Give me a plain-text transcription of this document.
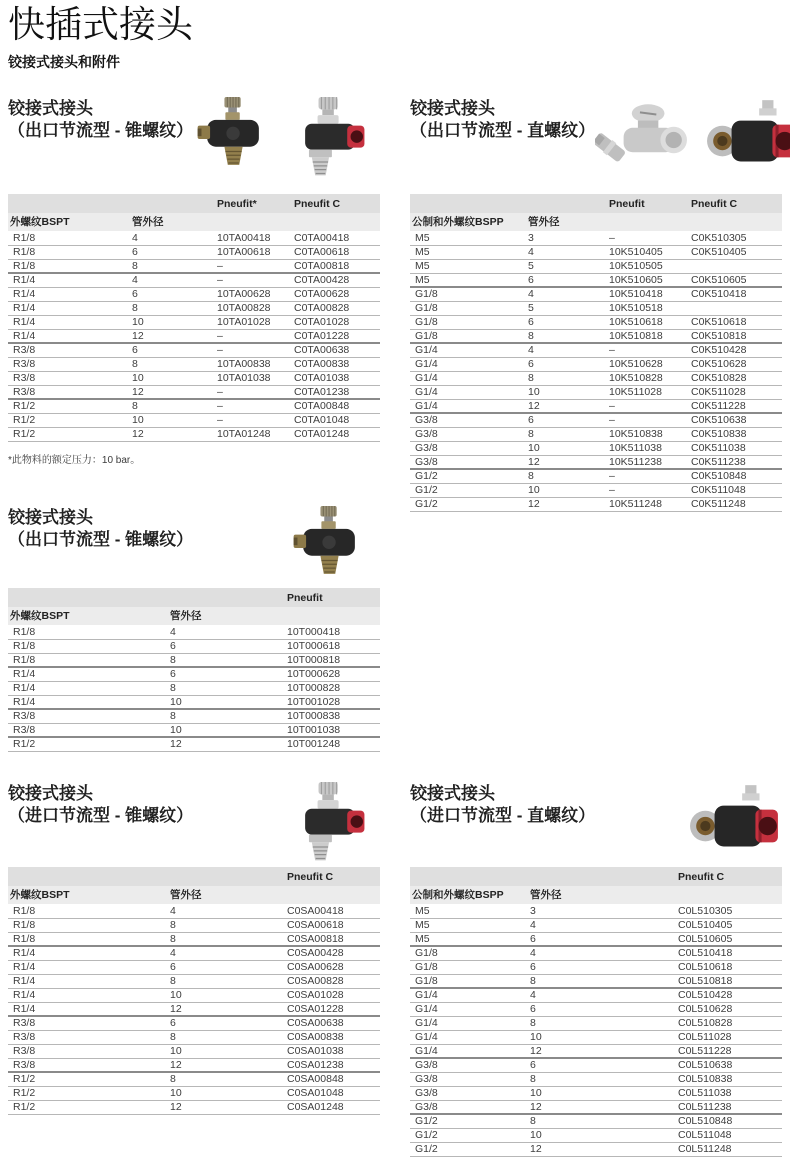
快插式接头
铰接式接头和附件
铰接式接头
（出口节流型 - 锥螺纹）
		Pneufit*	Pneufit C
外螺纹BSPT	管外径		
R1/8	4	10TA00418	C0TA00418
R1/8	6	10TA00618	C0TA00618
R1/8	8	–	C0TA00818
R1/4	4	–	C0TA00428
R1/4	6	10TA00628	C0TA00628
R1/4	8	10TA00828	C0TA00828
R1/4	10	10TA01028	C0TA01028
R1/4	12	–	C0TA01228
R3/8	6	–	C0TA00638
R3/8	8	10TA00838	C0TA00838
R3/8	10	10TA01038	C0TA01038
R3/8	12	–	C0TA01238
R1/2	8	–	C0TA00848
R1/2	10	–	C0TA01048
R1/2	12	10TA01248	C0TA01248
*此物料的额定压力：10 bar。
铰接式接头
（出口节流型 - 直螺纹）
		Pneufit	Pneufit C
公制和外螺纹BSPP	管外径		
M5	3	–	C0K510305
M5	4	10K510405	C0K510405
M5	5	10K510505	
M5	6	10K510605	C0K510605
G1/8	4	10K510418	C0K510418
G1/8	5	10K510518	
G1/8	6	10K510618	C0K510618
G1/8	8	10K510818	C0K510818
G1/4	4	–	C0K510428
G1/4	6	10K510628	C0K510628
G1/4	8	10K510828	C0K510828
G1/4	10	10K511028	C0K511028
G1/4	12	–	C0K511228
G3/8	6	–	C0K510638
G3/8	8	10K510838	C0K510838
G3/8	10	10K511038	C0K511038
G3/8	12	10K511238	C0K511238
G1/2	8	–	C0K510848
G1/2	10	–	C0K511048
G1/2	12	10K511248	C0K511248
铰接式接头
（出口节流型 - 锥螺纹）
		Pneufit
外螺纹BSPT	管外径	
R1/8	4	10T000418
R1/8	6	10T000618
R1/8	8	10T000818
R1/4	6	10T000628
R1/4	8	10T000828
R1/4	10	10T001028
R3/8	8	10T000838
R3/8	10	10T001038
R1/2	12	10T001248
铰接式接头
（进口节流型 - 锥螺纹）
		Pneufit C
外螺纹BSPT	管外径	
R1/8	4	C0SA00418
R1/8	8	C0SA00618
R1/8	8	C0SA00818
R1/4	4	C0SA00428
R1/4	6	C0SA00628
R1/4	8	C0SA00828
R1/4	10	C0SA01028
R1/4	12	C0SA01228
R3/8	6	C0SA00638
R3/8	8	C0SA00838
R3/8	10	C0SA01038
R3/8	12	C0SA01238
R1/2	8	C0SA00848
R1/2	10	C0SA01048
R1/2	12	C0SA01248
铰接式接头
（进口节流型 - 直螺纹）
		Pneufit C
公制和外螺纹BSPP	管外径	
M5	3	C0L510305
M5	4	C0L510405
M5	6	C0L510605
G1/8	4	C0L510418
G1/8	6	C0L510618
G1/8	8	C0L510818
G1/4	4	C0L510428
G1/4	6	C0L510628
G1/4	8	C0L510828
G1/4	10	C0L511028
G1/4	12	C0L511228
G3/8	6	C0L510638
G3/8	8	C0L510838
G3/8	10	C0L511038
G3/8	12	C0L511238
G1/2	8	C0L510848
G1/2	10	C0L511048
G1/2	12	C0L511248
